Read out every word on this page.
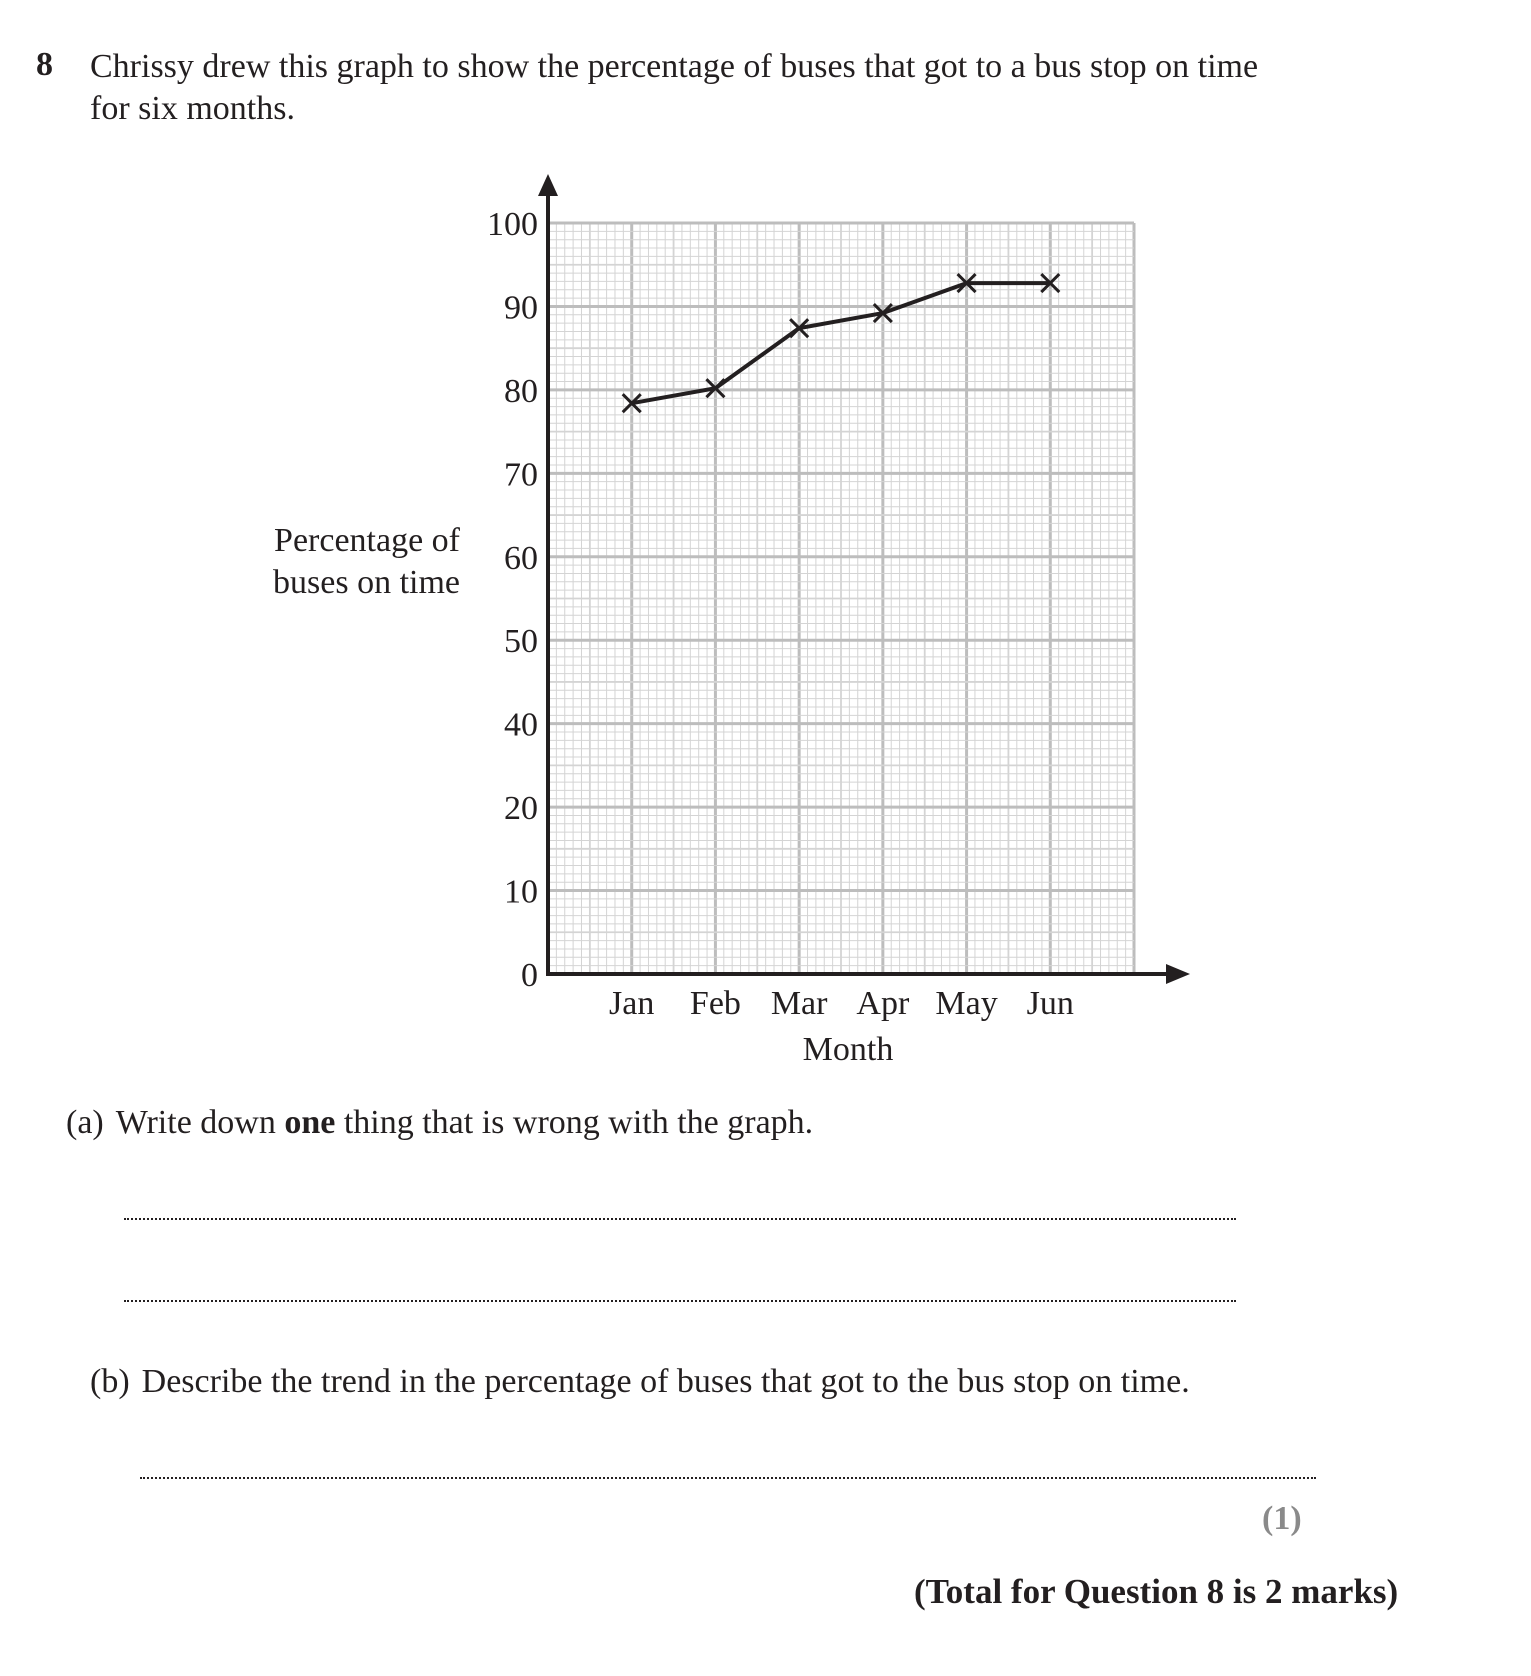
8 Chrissy drew this graph to show the percentage of buses that got to a bus stop on time
for six months.
Percentage of
buses on time
0
10
20
40
50
60
70
80
90
100
Jan Feb Mar Apr May Jun
Month
(a) Write down one thing that is wrong with the graph.
(b) Describe the trend in the percentage of buses that got to the bus stop on time.
(1)
(Total for Question 8 is 2 marks)
